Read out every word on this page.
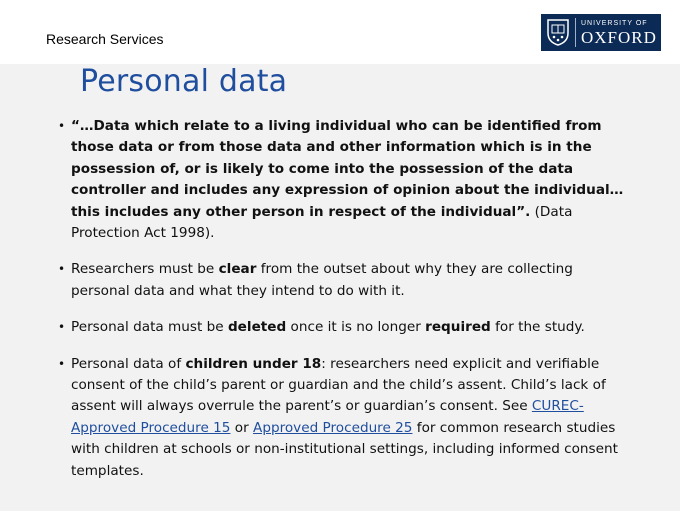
Research Services
UNIVERSITY OF
OXFORD
Personal data
• “…Data which relate to a living individual who can be identified from those data or from those data and other information which is in the possession of, or is likely to come into the possession of the data controller and includes any expression of opinion about the individual… this includes any other person in respect of the individual”. (Data Protection Act 1998).
• Researchers must be clear from the outset about why they are collecting personal data and what they intend to do with it.
• Personal data must be deleted once it is no longer required for the study.
• Personal data of children under 18: researchers need explicit and verifiable consent of the child’s parent or guardian and the child’s assent. Child’s lack of assent will always overrule the parent’s or guardian’s consent. See CUREC-Approved Procedure 15 or Approved Procedure 25 for common research studies with children at schools or non-institutional settings, including informed consent templates.
